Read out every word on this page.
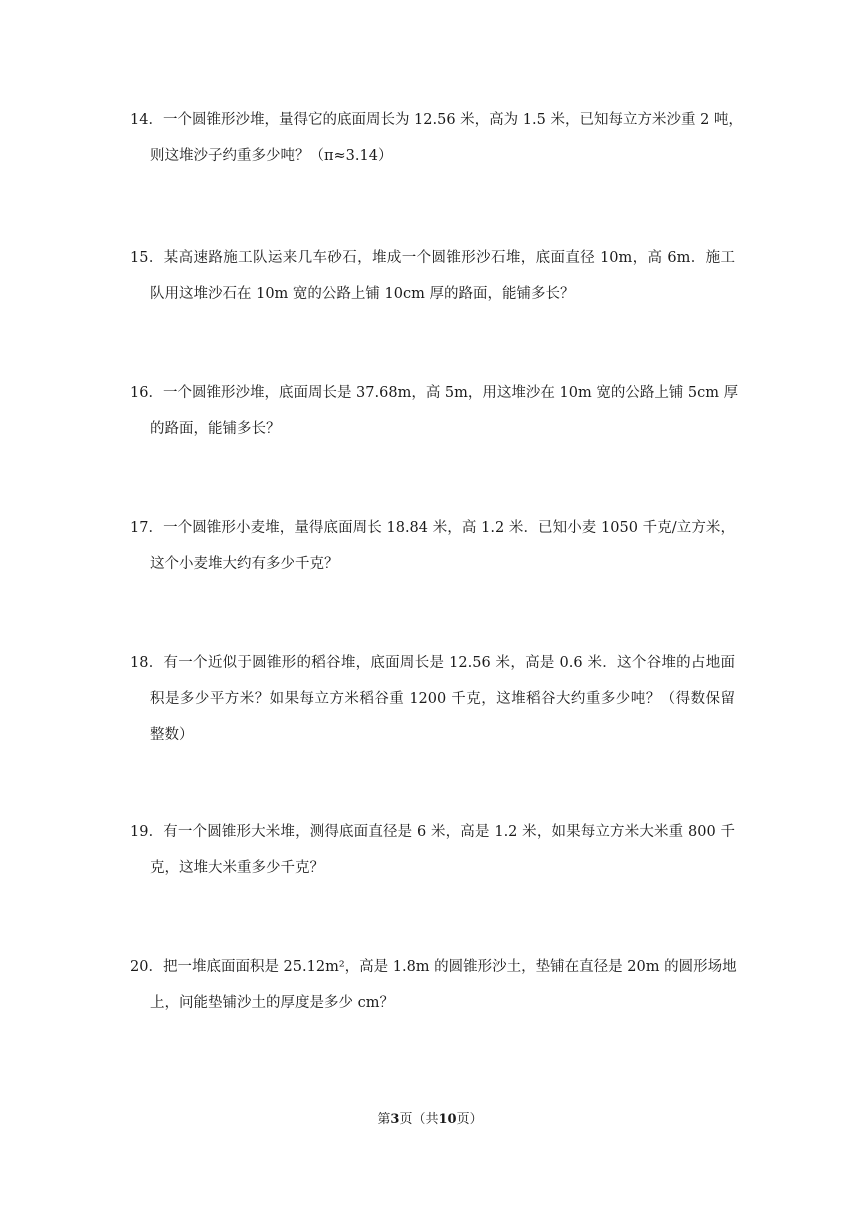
14．一个圆锥形沙堆，量得它的底面周长为 12.56 米，高为 1.5 米，已知每立方米沙重 2 吨，
则这堆沙子约重多少吨？（π≈3.14）
15．某高速路施工队运来几车砂石，堆成一个圆锥形沙石堆，底面直径 10m，高 6m．施工
队用这堆沙石在 10m 宽的公路上铺 10cm 厚的路面，能铺多长？
16．一个圆锥形沙堆，底面周长是 37.68m，高 5m，用这堆沙在 10m 宽的公路上铺 5cm 厚
的路面，能铺多长？
17．一个圆锥形小麦堆，量得底面周长 18.84 米，高 1.2 米．已知小麦 1050 千克/立方米，
这个小麦堆大约有多少千克？
18．有一个近似于圆锥形的稻谷堆，底面周长是 12.56 米，高是 0.6 米．这个谷堆的占地面
积是多少平方米？如果每立方米稻谷重 1200 千克，这堆稻谷大约重多少吨？（得数保留
整数）
19．有一个圆锥形大米堆，测得底面直径是 6 米，高是 1.2 米，如果每立方米大米重 800 千
克，这堆大米重多少千克？
20．把一堆底面面积是 25.12m²，高是 1.8m 的圆锥形沙土，垫铺在直径是 20m 的圆形场地
上，问能垫铺沙土的厚度是多少 cm？
第3页（共10页）
